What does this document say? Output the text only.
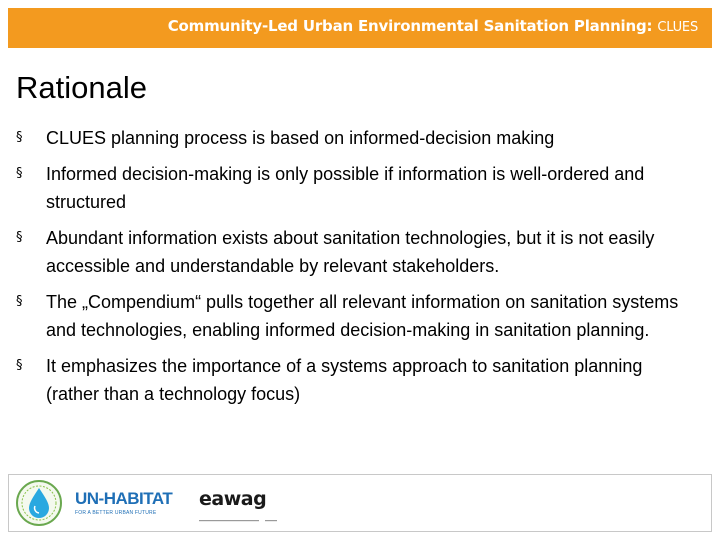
Community-Led Urban Environmental Sanitation Planning: CLUES
Rationale
§	CLUES planning process is based on informed-decision making
§	Informed decision-making is only possible if information is well-ordered and structured
§	Abundant information exists about sanitation technologies, but it is not easily accessible and understandable by relevant stakeholders.
§	The „Compendium“ pulls together all relevant information on sanitation systems and technologies, enabling informed decision-making in sanitation planning.
§	It emphasizes the importance of a systems approach to sanitation planning (rather than a technology focus)
UN-HABITAT
FOR A BETTER URBAN FUTURE
eawag
